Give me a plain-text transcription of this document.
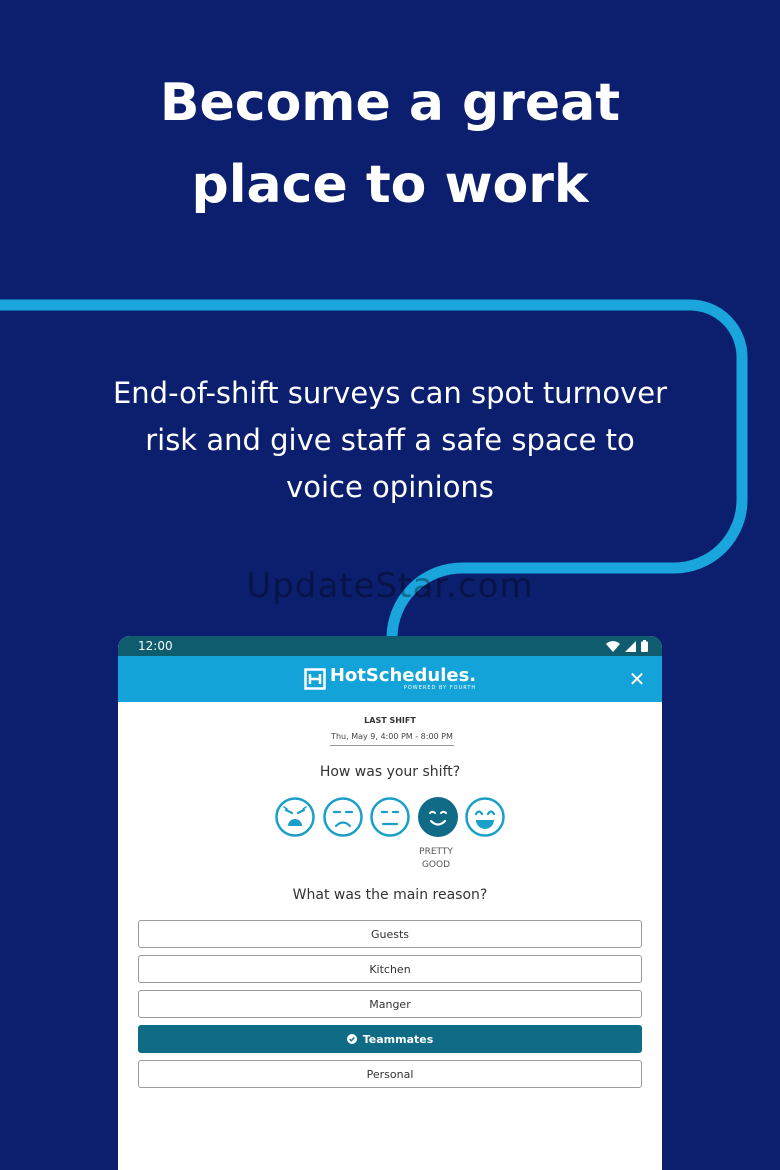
Become a great
place to work

End-of-shift surveys can spot turnover
risk and give staff a safe space to
voice opinions

UpdateStar.com
12:00
HotSchedules.
POWERED BY FOURTH	✕
LAST SHIFT
Thu, May 9, 4:00 PM - 8:00 PM
How was your shift?
PRETTY
GOOD
What was the main reason?
Guests
Kitchen
Manger
Teammates
Personal
